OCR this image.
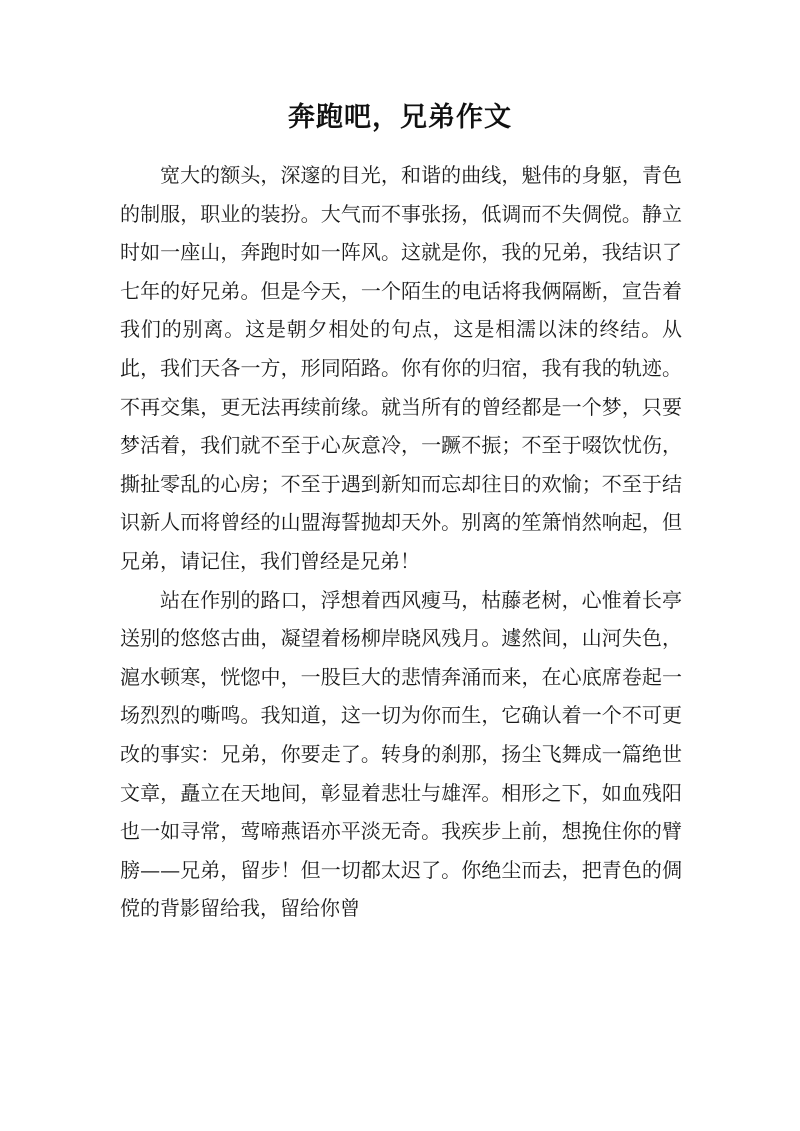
奔跑吧，兄弟作文

宽大的额头，深邃的目光，和谐的曲线，魁伟的身躯，青色的制服，职业的装扮。大气而不事张扬，低调而不失倜傥。静立时如一座山，奔跑时如一阵风。这就是你，我的兄弟，我结识了七年的好兄弟。但是今天，一个陌生的电话将我俩隔断，宣告着我们的别离。这是朝夕相处的句点，这是相濡以沫的终结。从此，我们天各一方，形同陌路。你有你的归宿，我有我的轨迹。不再交集，更无法再续前缘。就当所有的曾经都是一个梦，只要梦活着，我们就不至于心灰意冷，一蹶不振；不至于啜饮忧伤，撕扯零乱的心房；不至于遇到新知而忘却往日的欢愉；不至于结识新人而将曾经的山盟海誓抛却天外。别离的笙箫悄然响起，但兄弟，请记住，我们曾经是兄弟！

站在作别的路口，浮想着西风瘦马，枯藤老树，心惟着长亭送别的悠悠古曲，凝望着杨柳岸晓风残月。遽然间，山河失色，滬水顿寒，恍惚中，一股巨大的悲情奔涌而来，在心底席卷起一场烈烈的嘶鸣。我知道，这一切为你而生，它确认着一个不可更改的事实：兄弟，你要走了。转身的刹那，扬尘飞舞成一篇绝世文章，矗立在天地间，彰显着悲壮与雄浑。相形之下，如血残阳也一如寻常，莺啼燕语亦平淡无奇。我疾步上前，想挽住你的臂膀——兄弟，留步！但一切都太迟了。你绝尘而去，把青色的倜傥的背影留给我，留给你曾
